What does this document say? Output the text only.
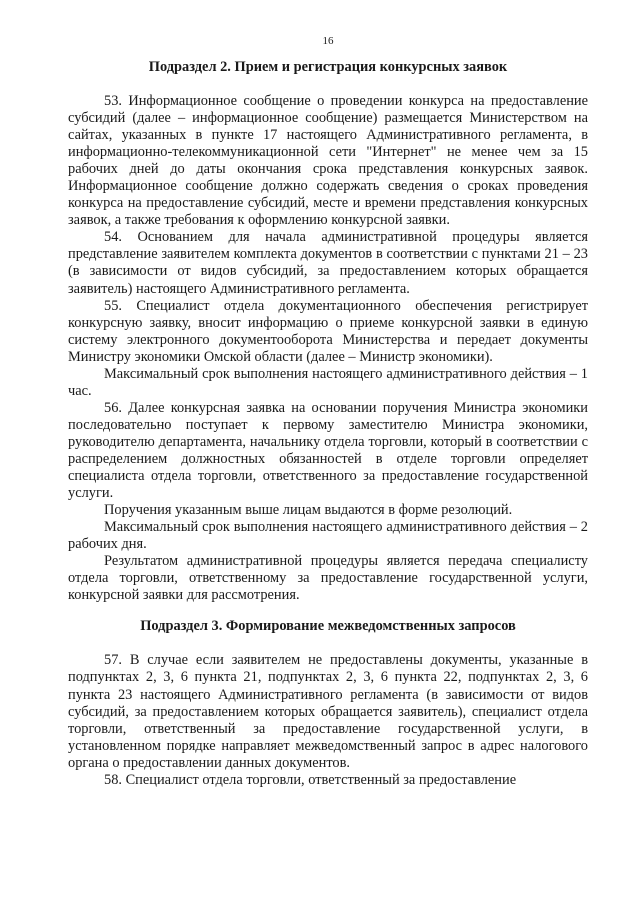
16
Подраздел 2. Прием и регистрация конкурсных заявок

53. Информационное сообщение о проведении конкурса на предоставление субсидий (далее – информационное сообщение) размещается Министерством на сайтах, указанных в пункте 17 настоящего Административного регламента, в информационно-телекоммуникационной сети "Интернет" не менее чем за 15 рабочих дней до даты окончания срока представления конкурсных заявок. Информационное сообщение должно содержать сведения о сроках проведения конкурса на предоставление субсидий, месте и времени представления конкурсных заявок, а также требования к оформлению конкурсной заявки.

54. Основанием для начала административной процедуры является представление заявителем комплекта документов в соответствии с пунктами 21 – 23 (в зависимости от видов субсидий, за предоставлением которых обращается заявитель) настоящего Административного регламента.

55. Специалист отдела документационного обеспечения регистрирует конкурсную заявку, вносит информацию о приеме конкурсной заявки в единую систему электронного документооборота Министерства и передает документы Министру экономики Омской области (далее – Министр экономики).

Максимальный срок выполнения настоящего административного действия – 1 час.

56. Далее конкурсная заявка на основании поручения Министра экономики последовательно поступает к первому заместителю Министра экономики, руководителю департамента, начальнику отдела торговли, который в соответствии с распределением должностных обязанностей в отделе торговли определяет специалиста отдела торговли, ответственного за предоставление государственной услуги.

Поручения указанным выше лицам выдаются в форме резолюций.

Максимальный срок выполнения настоящего административного действия – 2 рабочих дня.

Результатом административной процедуры является передача специалисту отдела торговли, ответственному за предоставление государственной услуги, конкурсной заявки для рассмотрения.

Подраздел 3. Формирование межведомственных запросов

57. В случае если заявителем не предоставлены документы, указанные в подпунктах 2, 3, 6 пункта 21, подпунктах 2, 3, 6 пункта 22, подпунктах 2, 3, 6 пункта 23 настоящего Административного регламента (в зависимости от видов субсидий, за предоставлением которых обращается заявитель), специалист отдела торговли, ответственный за предоставление государственной услуги, в установленном порядке направляет межведомственный запрос в адрес налогового органа о предоставлении данных документов.

58. Специалист отдела торговли, ответственный за предоставление
